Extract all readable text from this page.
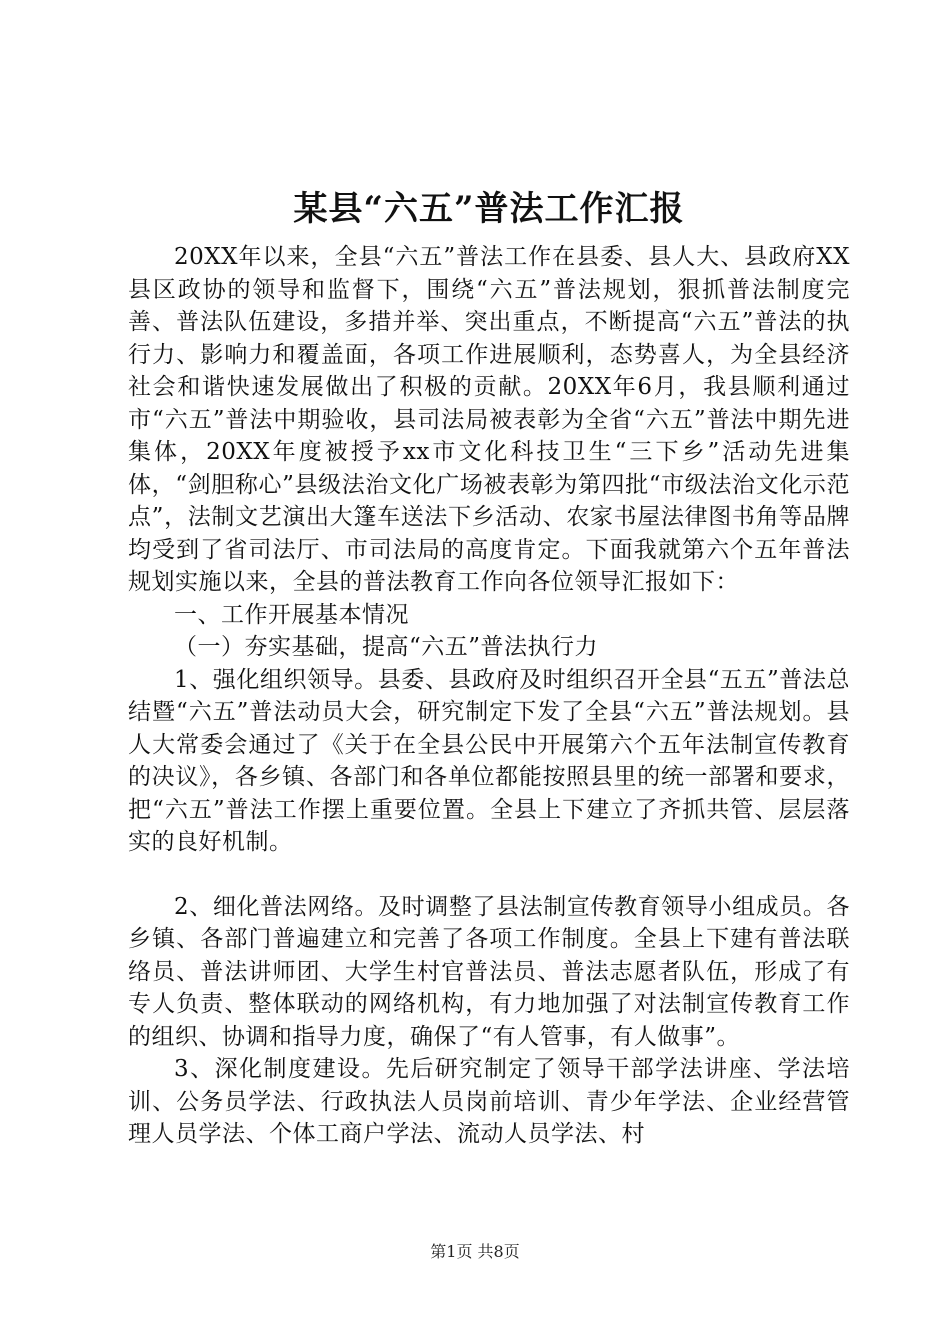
某县“六五”普法工作汇报

20XX年以来，全县“六五”普法工作在县委、县人大、县政府XX县区政协的领导和监督下，围绕“六五”普法规划，狠抓普法制度完善、普法队伍建设，多措并举、突出重点，不断提高“六五”普法的执行力、影响力和覆盖面，各项工作进展顺利，态势喜人，为全县经济社会和谐快速发展做出了积极的贡献。20XX年6月，我县顺利通过市“六五”普法中期验收，县司法局被表彰为全省“六五”普法中期先进集体，20XX年度被授予xx市文化科技卫生“三下乡”活动先进集体，“剑胆称心”县级法治文化广场被表彰为第四批“市级法治文化示范点”，法制文艺演出大篷车送法下乡活动、农家书屋法律图书角等品牌均受到了省司法厅、市司法局的高度肯定。下面我就第六个五年普法规划实施以来，全县的普法教育工作向各位领导汇报如下：

一、工作开展基本情况

（一）夯实基础，提高“六五”普法执行力

1、强化组织领导。县委、县政府及时组织召开全县“五五”普法总结暨“六五”普法动员大会，研究制定下发了全县“六五”普法规划。县人大常委会通过了《关于在全县公民中开展第六个五年法制宣传教育的决议》，各乡镇、各部门和各单位都能按照县里的统一部署和要求，把“六五”普法工作摆上重要位置。全县上下建立了齐抓共管、层层落实的良好机制。

2、细化普法网络。及时调整了县法制宣传教育领导小组成员。各乡镇、各部门普遍建立和完善了各项工作制度。全县上下建有普法联络员、普法讲师团、大学生村官普法员、普法志愿者队伍，形成了有专人负责、整体联动的网络机构，有力地加强了对法制宣传教育工作的组织、协调和指导力度，确保了“有人管事，有人做事”。

3、深化制度建设。先后研究制定了领导干部学法讲座、学法培训、公务员学法、行政执法人员岗前培训、青少年学法、企业经营管理人员学法、个体工商户学法、流动人员学法、村

第1页 共8页
